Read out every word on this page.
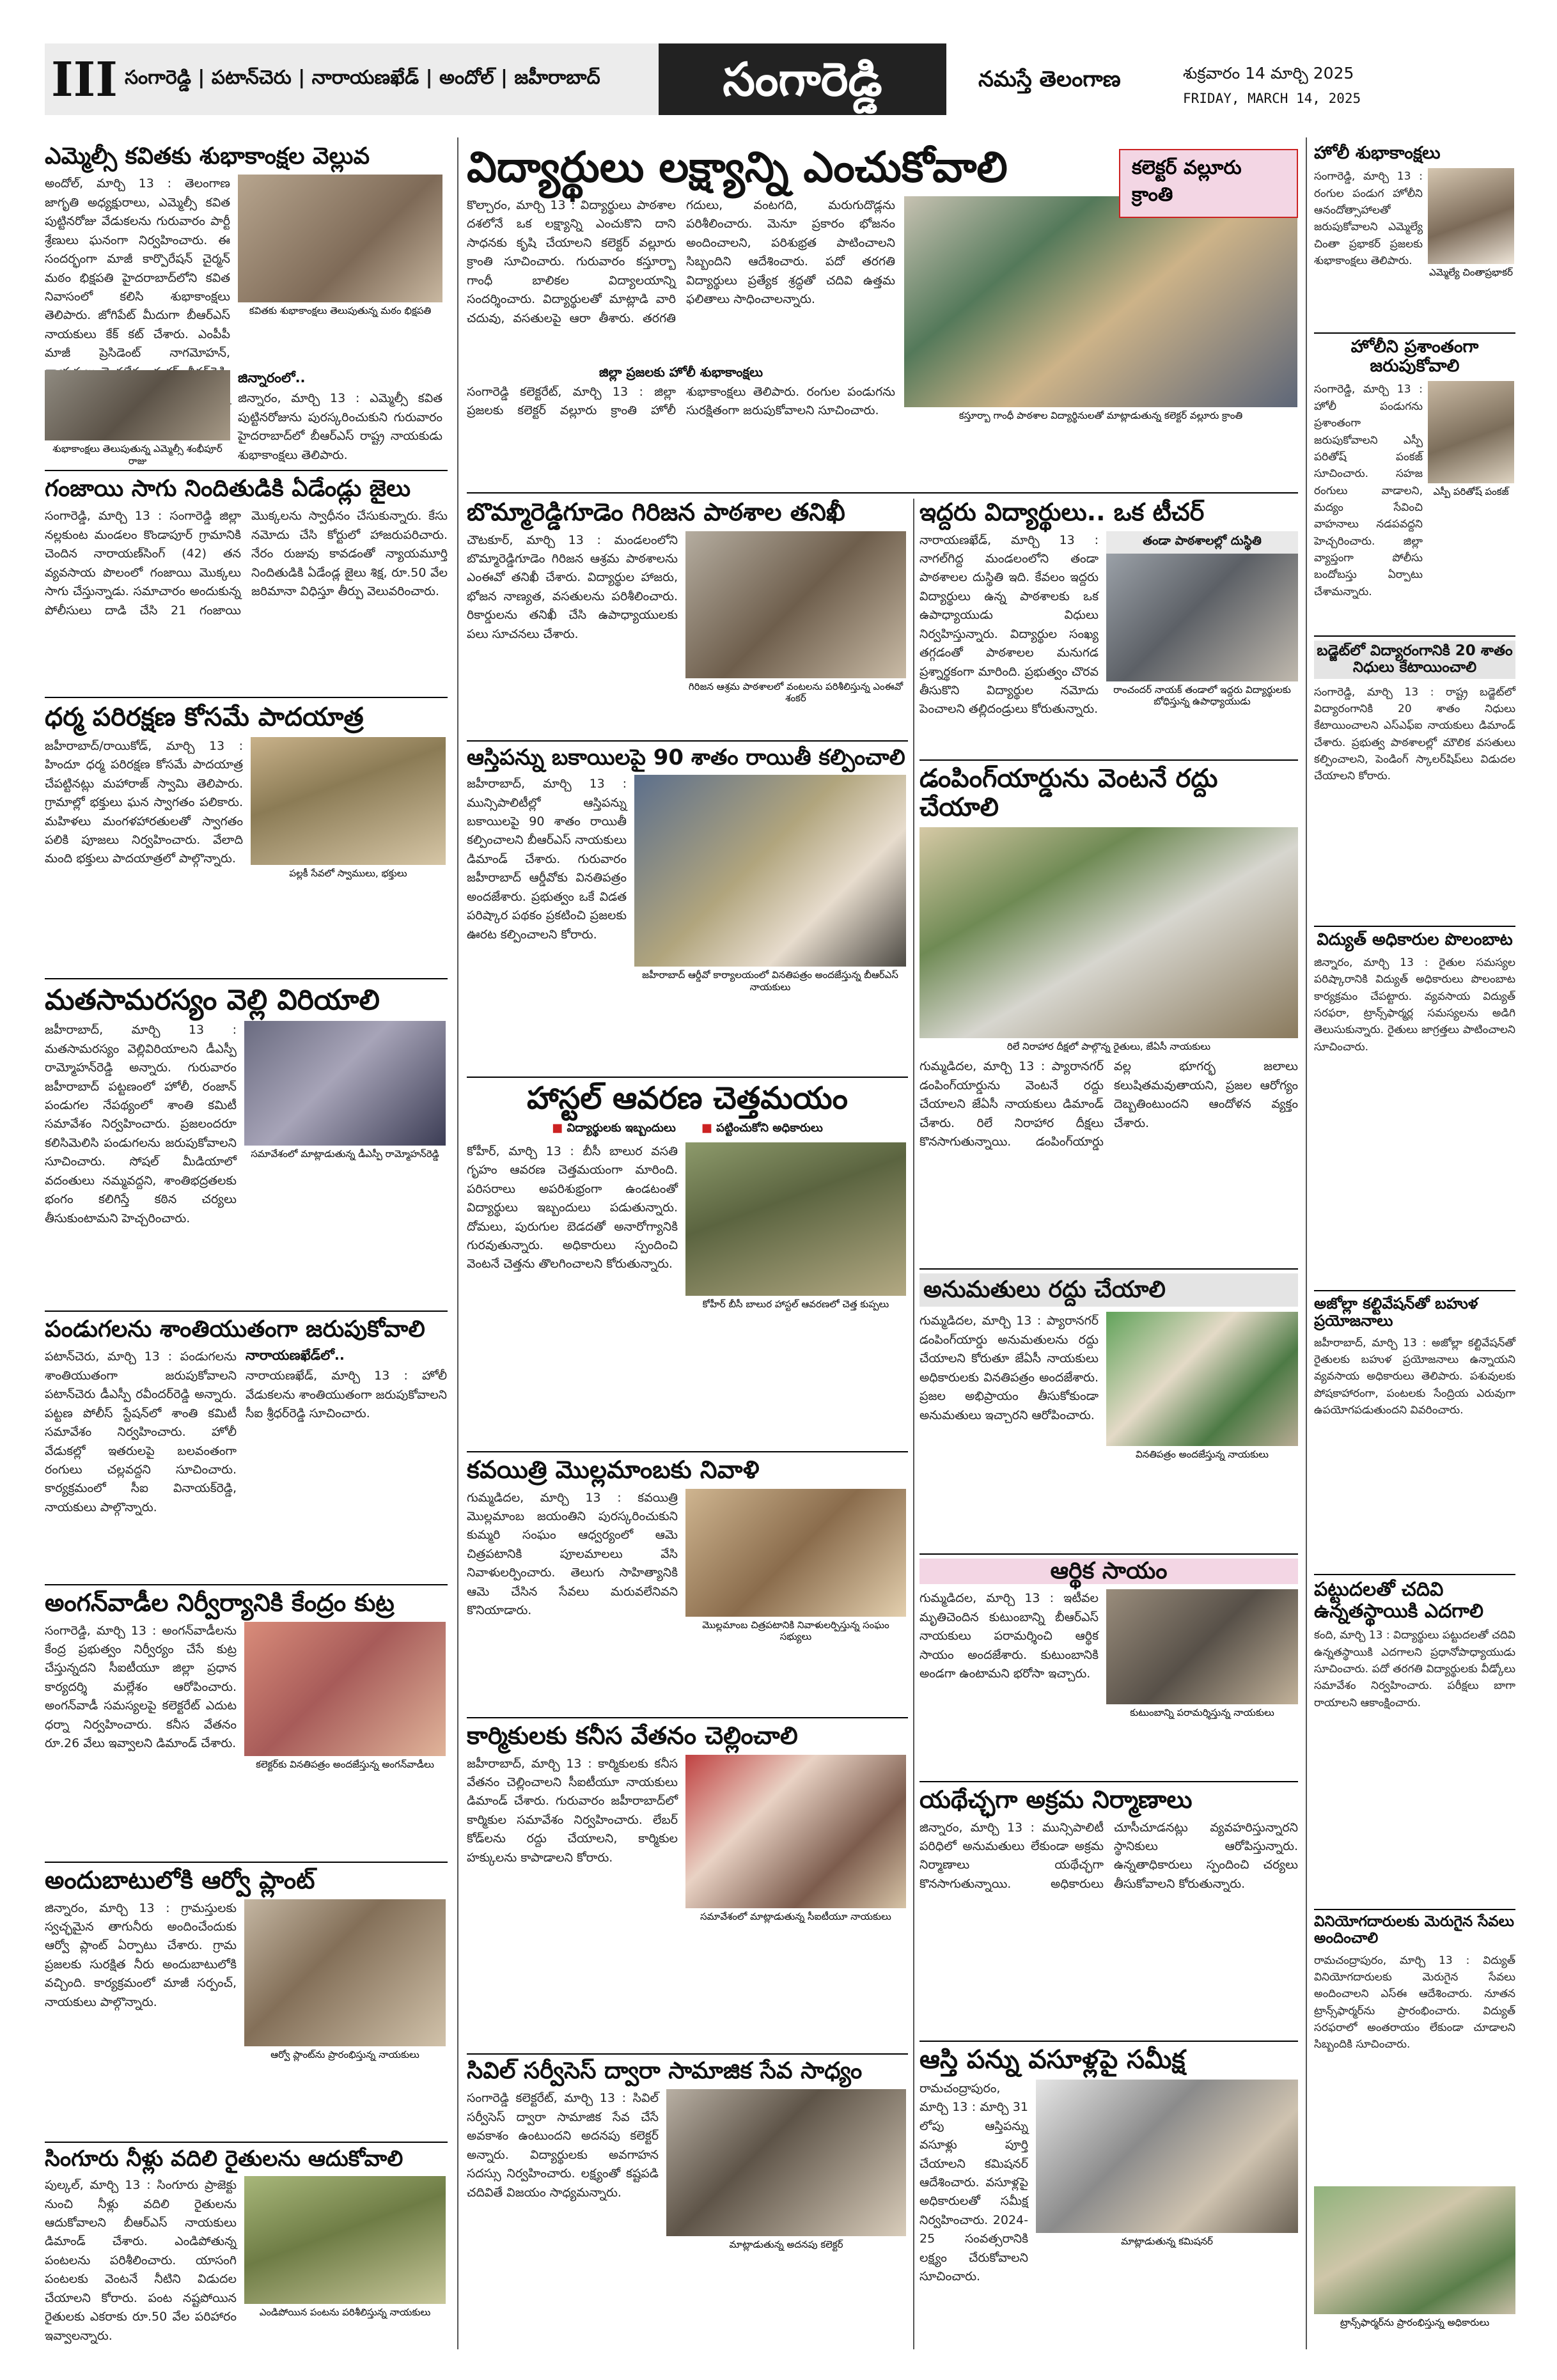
III సంగారెడ్డి | పటాన్‌చెరు | నారాయణఖేడ్ | అందోల్ | జహీరాబాద్	సంగారెడ్డి	నమస్తే తెలంగాణ	శుక్రవారం 14 మార్చి 2025
FRIDAY, MARCH 14, 2025
ఎమ్మెల్సీ కవితకు శుభాకాంక్షల వెల్లువ
అందోల్, మార్చి 13 : తెలంగాణ జాగృతి అధ్యక్షురాలు, ఎమ్మెల్సీ కవిత పుట్టినరోజు వేడుకలను గురువారం పార్టీ శ్రేణులు ఘనంగా నిర్వహించారు. ఈ సందర్భంగా మాజీ కార్పొరేషన్ చైర్మన్ మఠం భిక్షపతి హైదరాబాద్‌లోని కవిత నివాసంలో కలిసి శుభాకాంక్షలు తెలిపారు. జోగిపేట్ మీదుగా బీఆర్ఎస్ నాయకులు కేక్ కట్ చేశారు. ఎంపీపీ మాజీ ప్రెసిడెంట్ నాగమోహన్,
కవితకు శుభాకాంక్షలు తెలుపుతున్న మఠం భిక్షపతి
శుభాకాంక్షలు తెలుపుతున్న ఎమ్మెల్సీ శంభీపూర్ రాజు
జిన్నారంలో..
జిన్నారం, మార్చి 13 : ఎమ్మెల్సీ కవిత పుట్టినరోజును పురస్కరించుకుని గురువారం హైదరాబాద్‌లో బీఆర్ఎస్ రాష్ట్ర నాయకుడు శుభాకాంక్షలు తెలిపారు.
గంజాయి సాగు నిందితుడికి ఏడేండ్లు జైలు
సంగారెడ్డి, మార్చి 13 : సంగారెడ్డి జిల్లా నల్లకుంట మండలం కొండాపూర్ గ్రామానికి చెందిన నారాయణ్‌సింగ్ (42) తన వ్యవసాయ పొలంలో గంజాయి మొక్కలు సాగు చేస్తున్నాడు. సమాచారం అందుకున్న పోలీసులు దాడి చేసి 21 గంజాయి మొక్కలను స్వాధీనం చేసుకున్నారు. కేసు నమోదు చేసి కోర్టులో హాజరుపరిచారు. నేరం రుజువు కావడంతో న్యాయమూర్తి నిందితుడికి ఏడేండ్ల జైలు శిక్ష, రూ.50 వేల జరిమానా విధిస్తూ తీర్పు వెలువరించారు.
ధర్మ పరిరక్షణ కోసమే పాదయాత్ర
జహీరాబాద్/రాయికోడ్, మార్చి 13 : హిందూ ధర్మ పరిరక్షణ కోసమే పాదయాత్ర చేపట్టినట్లు మహారాజ్ స్వామి తెలిపారు. గ్రామాల్లో భక్తులు ఘన స్వాగతం పలికారు. మహిళలు మంగళహారతులతో స్వాగతం పలికి పూజలు నిర్వహించారు. వేలాది మంది భక్తులు పాదయాత్రలో పాల్గొన్నారు.
పల్లకీ సేవలో స్వాములు, భక్తులు
మతసామరస్యం వెల్లి విరియాలి
జహీరాబాద్, మార్చి 13 : మతసామరస్యం వెల్లివిరియాలని డీఎస్పీ రామ్మోహన్‌రెడ్డి అన్నారు. గురువారం జహీరాబాద్ పట్టణంలో హోలీ, రంజాన్ పండుగల నేపథ్యంలో శాంతి కమిటీ సమావేశం నిర్వహించారు. ప్రజలందరూ కలిసిమెలిసి పండుగలను జరుపుకోవాలని సూచించారు. సోషల్ మీడియాలో వదంతులు నమ్మవద్దని, శాంతిభద్రతలకు భంగం కలిగిస్తే కఠిన చర్యలు తీసుకుంటామని హెచ్చరించారు.
సమావేశంలో మాట్లాడుతున్న డీఎస్పీ రామ్మోహన్‌రెడ్డి
పండుగలను శాంతియుతంగా జరుపుకోవాలి
పటాన్‌చెరు, మార్చి 13 : పండుగలను శాంతియుతంగా జరుపుకోవాలని పటాన్‌చెరు డీఎస్పీ రవీందర్‌రెడ్డి అన్నారు. పట్టణ పోలీస్ స్టేషన్‌లో శాంతి కమిటీ సమావేశం నిర్వహించారు. హోలీ వేడుకల్లో ఇతరులపై బలవంతంగా రంగులు చల్లవద్దని సూచించారు. కార్యక్రమంలో సీఐ వినాయక్‌రెడ్డి, నాయకులు పాల్గొన్నారు.
నారాయణఖేడ్‌లో..
నారాయణఖేడ్, మార్చి 13 : హోలీ వేడుకలను శాంతియుతంగా జరుపుకోవాలని సీఐ శ్రీధర్‌రెడ్డి సూచించారు.
అంగన్‌వాడీల నిర్వీర్యానికి కేంద్రం కుట్ర
సంగారెడ్డి, మార్చి 13 : అంగన్‌వాడీలను కేంద్ర ప్రభుత్వం నిర్వీర్యం చేసే కుట్ర చేస్తున్నదని సీఐటీయూ జిల్లా ప్రధాన కార్యదర్శి మల్లేశం ఆరోపించారు. అంగన్‌వాడీ సమస్యలపై కలెక్టరేట్ ఎదుట ధర్నా నిర్వహించారు. కనీస వేతనం రూ.26 వేలు ఇవ్వాలని డిమాండ్ చేశారు.
కలెక్టర్‌కు వినతిపత్రం అందజేస్తున్న అంగన్‌వాడీలు
అందుబాటులోకి ఆర్వో ప్లాంట్
జిన్నారం, మార్చి 13 : గ్రామస్తులకు స్వచ్ఛమైన తాగునీరు అందించేందుకు ఆర్వో ప్లాంట్ ఏర్పాటు చేశారు. గ్రామ ప్రజలకు సురక్షిత నీరు అందుబాటులోకి వచ్చింది. కార్యక్రమంలో మాజీ సర్పంచ్, నాయకులు పాల్గొన్నారు.
ఆర్వో ప్లాంట్‌ను ప్రారంభిస్తున్న నాయకులు
సింగూరు నీళ్లు వదిలి రైతులను ఆదుకోవాలి
పుల్కల్, మార్చి 13 : సింగూరు ప్రాజెక్టు నుంచి నీళ్లు వదిలి రైతులను ఆదుకోవాలని బీఆర్ఎస్ నాయకులు డిమాండ్ చేశారు. ఎండిపోతున్న పంటలను పరిశీలించారు. యాసంగి పంటలకు వెంటనే నీటిని విడుదల చేయాలని కోరారు. పంట నష్టపోయిన రైతులకు ఎకరాకు రూ.50 వేల పరిహారం ఇవ్వాలన్నారు.
ఎండిపోయిన పంటను పరిశీలిస్తున్న నాయకులు
విద్యార్థులు లక్ష్యాన్ని ఎంచుకోవాలి	కలెక్టర్ వల్లూరు క్రాంతి
కొల్చారం, మార్చి 13 : విద్యార్థులు పాఠశాల దశలోనే ఒక లక్ష్యాన్ని ఎంచుకొని దాని సాధనకు కృషి చేయాలని కలెక్టర్ వల్లూరు క్రాంతి సూచించారు. గురువారం కస్తూర్బా గాంధీ బాలికల విద్యాలయాన్ని సందర్శించారు. విద్యార్థులతో మాట్లాడి వారి చదువు, వసతులపై ఆరా తీశారు. తరగతి గదులు, వంటగది, మరుగుదొడ్లను పరిశీలించారు. మెనూ ప్రకారం భోజనం అందించాలని, పరిశుభ్రత పాటించాలని సిబ్బందిని ఆదేశించారు. పదో తరగతి విద్యార్థులు ప్రత్యేక శ్రద్ధతో చదివి ఉత్తమ ఫలితాలు సాధించాలన్నారు.
కస్తూర్బా గాంధీ పాఠశాల విద్యార్థినులతో మాట్లాడుతున్న కలెక్టర్ వల్లూరు క్రాంతి
జిల్లా ప్రజలకు హోలీ శుభాకాంక్షలు
సంగారెడ్డి కలెక్టరేట్, మార్చి 13 : జిల్లా ప్రజలకు కలెక్టర్ వల్లూరు క్రాంతి హోలీ శుభాకాంక్షలు తెలిపారు. రంగుల పండుగను సురక్షితంగా జరుపుకోవాలని సూచించారు.
బొమ్మారెడ్డిగూడెం గిరిజన పాఠశాల తనిఖీ
చౌటకూర్, మార్చి 13 : మండలంలోని బొమ్మారెడ్డిగూడెం గిరిజన ఆశ్రమ పాఠశాలను ఎంఈవో తనిఖీ చేశారు. విద్యార్థుల హాజరు, భోజన నాణ్యత, వసతులను పరిశీలించారు. రికార్డులను తనిఖీ చేసి ఉపాధ్యాయులకు పలు సూచనలు చేశారు.
గిరిజన ఆశ్రమ పాఠశాలలో వంటలను పరిశీలిస్తున్న ఎంఈవో శంకర్
ఆస్తిపన్ను బకాయిలపై 90 శాతం రాయితీ కల్పించాలి
జహీరాబాద్, మార్చి 13 : మున్సిపాలిటీల్లో ఆస్తిపన్ను బకాయిలపై 90 శాతం రాయితీ కల్పించాలని బీఆర్ఎస్ నాయకులు డిమాండ్ చేశారు. గురువారం జహీరాబాద్ ఆర్డీవోకు వినతిపత్రం అందజేశారు. ప్రభుత్వం ఒకే విడత పరిష్కార పథకం ప్రకటించి ప్రజలకు ఊరట కల్పించాలని కోరారు.
జహీరాబాద్ ఆర్డీవో కార్యాలయంలో వినతిపత్రం అందజేస్తున్న బీఆర్ఎస్ నాయకులు
హాస్టల్ ఆవరణ చెత్తమయం
■ విద్యార్థులకు ఇబ్బందులు ■ పట్టించుకోని అధికారులు
కోహీర్, మార్చి 13 : బీసీ బాలుర వసతి గృహం ఆవరణ చెత్తమయంగా మారింది. పరిసరాలు అపరిశుభ్రంగా ఉండటంతో విద్యార్థులు ఇబ్బందులు పడుతున్నారు. దోమలు, పురుగుల బెడదతో అనారోగ్యానికి గురవుతున్నారు. అధికారులు స్పందించి వెంటనే చెత్తను తొలగించాలని కోరుతున్నారు.
కోహీర్ బీసీ బాలుర హాస్టల్ ఆవరణలో చెత్త కుప్పలు
కవయిత్రి మొల్లమాంబకు నివాళి
గుమ్మడిదల, మార్చి 13 : కవయిత్రి మొల్లమాంబ జయంతిని పురస్కరించుకుని కుమ్మరి సంఘం ఆధ్వర్యంలో ఆమె చిత్రపటానికి పూలమాలలు వేసి నివాళులర్పించారు. తెలుగు సాహిత్యానికి ఆమె చేసిన సేవలు మరువలేనివని కొనియాడారు.
మొల్లమాంబ చిత్రపటానికి నివాళులర్పిస్తున్న సంఘం సభ్యులు
కార్మికులకు కనీస వేతనం చెల్లించాలి
జహీరాబాద్, మార్చి 13 : కార్మికులకు కనీస వేతనం చెల్లించాలని సీఐటీయూ నాయకులు డిమాండ్ చేశారు. గురువారం జహీరాబాద్‌లో కార్మికుల సమావేశం నిర్వహించారు. లేబర్ కోడ్‌లను రద్దు చేయాలని, కార్మికుల హక్కులను కాపాడాలని కోరారు.
సమావేశంలో మాట్లాడుతున్న సీఐటీయూ నాయకులు
సివిల్ సర్వీసెస్ ద్వారా సామాజిక సేవ సాధ్యం
సంగారెడ్డి కలెక్టరేట్, మార్చి 13 : సివిల్ సర్వీసెస్ ద్వారా సామాజిక సేవ చేసే అవకాశం ఉంటుందని అదనపు కలెక్టర్ అన్నారు. విద్యార్థులకు అవగాహన సదస్సు నిర్వహించారు. లక్ష్యంతో కష్టపడి చదివితే విజయం సాధ్యమన్నారు.
మాట్లాడుతున్న అదనపు కలెక్టర్
ఇద్దరు విద్యార్థులు.. ఒక టీచర్
నారాయణఖేడ్, మార్చి 13 : నాగల్‌గిద్ద మండలంలోని తండా పాఠశాలల దుస్థితి ఇది. కేవలం ఇద్దరు విద్యార్థులు ఉన్న పాఠశాలకు ఒక ఉపాధ్యాయుడు విధులు నిర్వహిస్తున్నారు. విద్యార్థుల సంఖ్య తగ్గడంతో పాఠశాలల మనుగడ ప్రశ్నార్థకంగా మారింది. ప్రభుత్వం చొరవ తీసుకొని విద్యార్థుల నమోదు పెంచాలని తల్లిదండ్రులు కోరుతున్నారు.
తండా పాఠశాలల్లో దుస్థితి
రాంచందర్ నాయక్ తండాలో ఇద్దరు విద్యార్థులకు బోధిస్తున్న ఉపాధ్యాయుడు
డంపింగ్‌యార్డును వెంటనే రద్దు చేయాలి
రిలే నిరాహార దీక్షలో పాల్గొన్న రైతులు, జేఏసీ నాయకులు
గుమ్మడిదల, మార్చి 13 : ప్యారానగర్ డంపింగ్‌యార్డును వెంటనే రద్దు చేయాలని జేఏసీ నాయకులు డిమాండ్ చేశారు. రిలే నిరాహార దీక్షలు కొనసాగుతున్నాయి. డంపింగ్‌యార్డు వల్ల భూగర్భ జలాలు కలుషితమవుతాయని, ప్రజల ఆరోగ్యం దెబ్బతింటుందని ఆందోళన వ్యక్తం చేశారు.
అనుమతులు రద్దు చేయాలి
గుమ్మడిదల, మార్చి 13 : ప్యారానగర్ డంపింగ్‌యార్డు అనుమతులను రద్దు చేయాలని కోరుతూ జేఏసీ నాయకులు అధికారులకు వినతిపత్రం అందజేశారు. ప్రజల అభిప్రాయం తీసుకోకుండా అనుమతులు ఇచ్చారని ఆరోపించారు.
వినతిపత్రం అందజేస్తున్న నాయకులు
ఆర్థిక సాయం
గుమ్మడిదల, మార్చి 13 : ఇటీవల మృతిచెందిన కుటుంబాన్ని బీఆర్ఎస్ నాయకులు పరామర్శించి ఆర్థిక సాయం అందజేశారు. కుటుంబానికి అండగా ఉంటామని భరోసా ఇచ్చారు.
కుటుంబాన్ని పరామర్శిస్తున్న నాయకులు
యథేచ్ఛగా అక్రమ నిర్మాణాలు
జిన్నారం, మార్చి 13 : మున్సిపాలిటీ పరిధిలో అనుమతులు లేకుండా అక్రమ నిర్మాణాలు యథేచ్ఛగా కొనసాగుతున్నాయి. అధికారులు చూసీచూడనట్లు వ్యవహరిస్తున్నారని స్థానికులు ఆరోపిస్తున్నారు. ఉన్నతాధికారులు స్పందించి చర్యలు తీసుకోవాలని కోరుతున్నారు.
ఆస్తి పన్ను వసూళ్లపై సమీక్ష
రామచంద్రాపురం, మార్చి 13 : మార్చి 31 లోపు ఆస్తిపన్ను వసూళ్లు పూర్తి చేయాలని కమిషనర్ ఆదేశించారు. వసూళ్లపై అధికారులతో సమీక్ష నిర్వహించారు. 2024-25 సంవత్సరానికి లక్ష్యం చేరుకోవాలని సూచించారు.
మాట్లాడుతున్న కమిషనర్
హోలీ శుభాకాంక్షలు
సంగారెడ్డి, మార్చి 13 : రంగుల పండుగ హోలీని ఆనందోత్సాహాలతో జరుపుకోవాలని ఎమ్మెల్యే చింతా ప్రభాకర్ ప్రజలకు శుభాకాంక్షలు తెలిపారు.
ఎమ్మెల్యే చింతాప్రభాకర్
హోలీని ప్రశాంతంగా జరుపుకోవాలి
సంగారెడ్డి, మార్చి 13 : హోలీ పండుగను ప్రశాంతంగా జరుపుకోవాలని ఎస్పీ పరితోష్ పంకజ్ సూచించారు. సహజ రంగులు వాడాలని, మద్యం సేవించి వాహనాలు నడపవద్దని హెచ్చరించారు. జిల్లా వ్యాప్తంగా పోలీసు బందోబస్తు ఏర్పాటు చేశామన్నారు.
ఎస్పీ పరితోష్ పంకజ్
బడ్జెట్‌లో విద్యారంగానికి 20 శాతం నిధులు కేటాయించాలి
సంగారెడ్డి, మార్చి 13 : రాష్ట్ర బడ్జెట్‌లో విద్యారంగానికి 20 శాతం నిధులు కేటాయించాలని ఎస్ఎఫ్ఐ నాయకులు డిమాండ్ చేశారు. ప్రభుత్వ పాఠశాలల్లో మౌలిక వసతులు కల్పించాలని, పెండింగ్ స్కాలర్‌షిప్‌లు విడుదల చేయాలని కోరారు.
విద్యుత్ అధికారుల పొలంబాట
జిన్నారం, మార్చి 13 : రైతుల సమస్యల పరిష్కారానికి విద్యుత్ అధికారులు పొలంబాట కార్యక్రమం చేపట్టారు. వ్యవసాయ విద్యుత్ సరఫరా, ట్రాన్స్‌ఫార్మర్ల సమస్యలను అడిగి తెలుసుకున్నారు. రైతులు జాగ్రత్తలు పాటించాలని సూచించారు.
అజోల్లా కల్టివేషన్‌తో బహుళ ప్రయోజనాలు
జహీరాబాద్, మార్చి 13 : అజోల్లా కల్టివేషన్‌తో రైతులకు బహుళ ప్రయోజనాలు ఉన్నాయని వ్యవసాయ అధికారులు తెలిపారు. పశువులకు పోషకాహారంగా, పంటలకు సేంద్రియ ఎరువుగా ఉపయోగపడుతుందని వివరించారు.
పట్టుదలతో చదివి ఉన్నతస్థాయికి ఎదగాలి
కంది, మార్చి 13 : విద్యార్థులు పట్టుదలతో చదివి ఉన్నతస్థాయికి ఎదగాలని ప్రధానోపాధ్యాయుడు సూచించారు. పదో తరగతి విద్యార్థులకు వీడ్కోలు సమావేశం నిర్వహించారు. పరీక్షలు బాగా రాయాలని ఆకాంక్షించారు.
వినియోగదారులకు మెరుగైన సేవలు అందించాలి
రామచంద్రాపురం, మార్చి 13 : విద్యుత్ వినియోగదారులకు మెరుగైన సేవలు అందించాలని ఎస్ఈ ఆదేశించారు. నూతన ట్రాన్స్‌ఫార్మర్‌ను ప్రారంభించారు. విద్యుత్ సరఫరాలో అంతరాయం లేకుండా చూడాలని సిబ్బందికి సూచించారు.
ట్రాన్స్‌ఫార్మర్‌ను ప్రారంభిస్తున్న అధికారులు
